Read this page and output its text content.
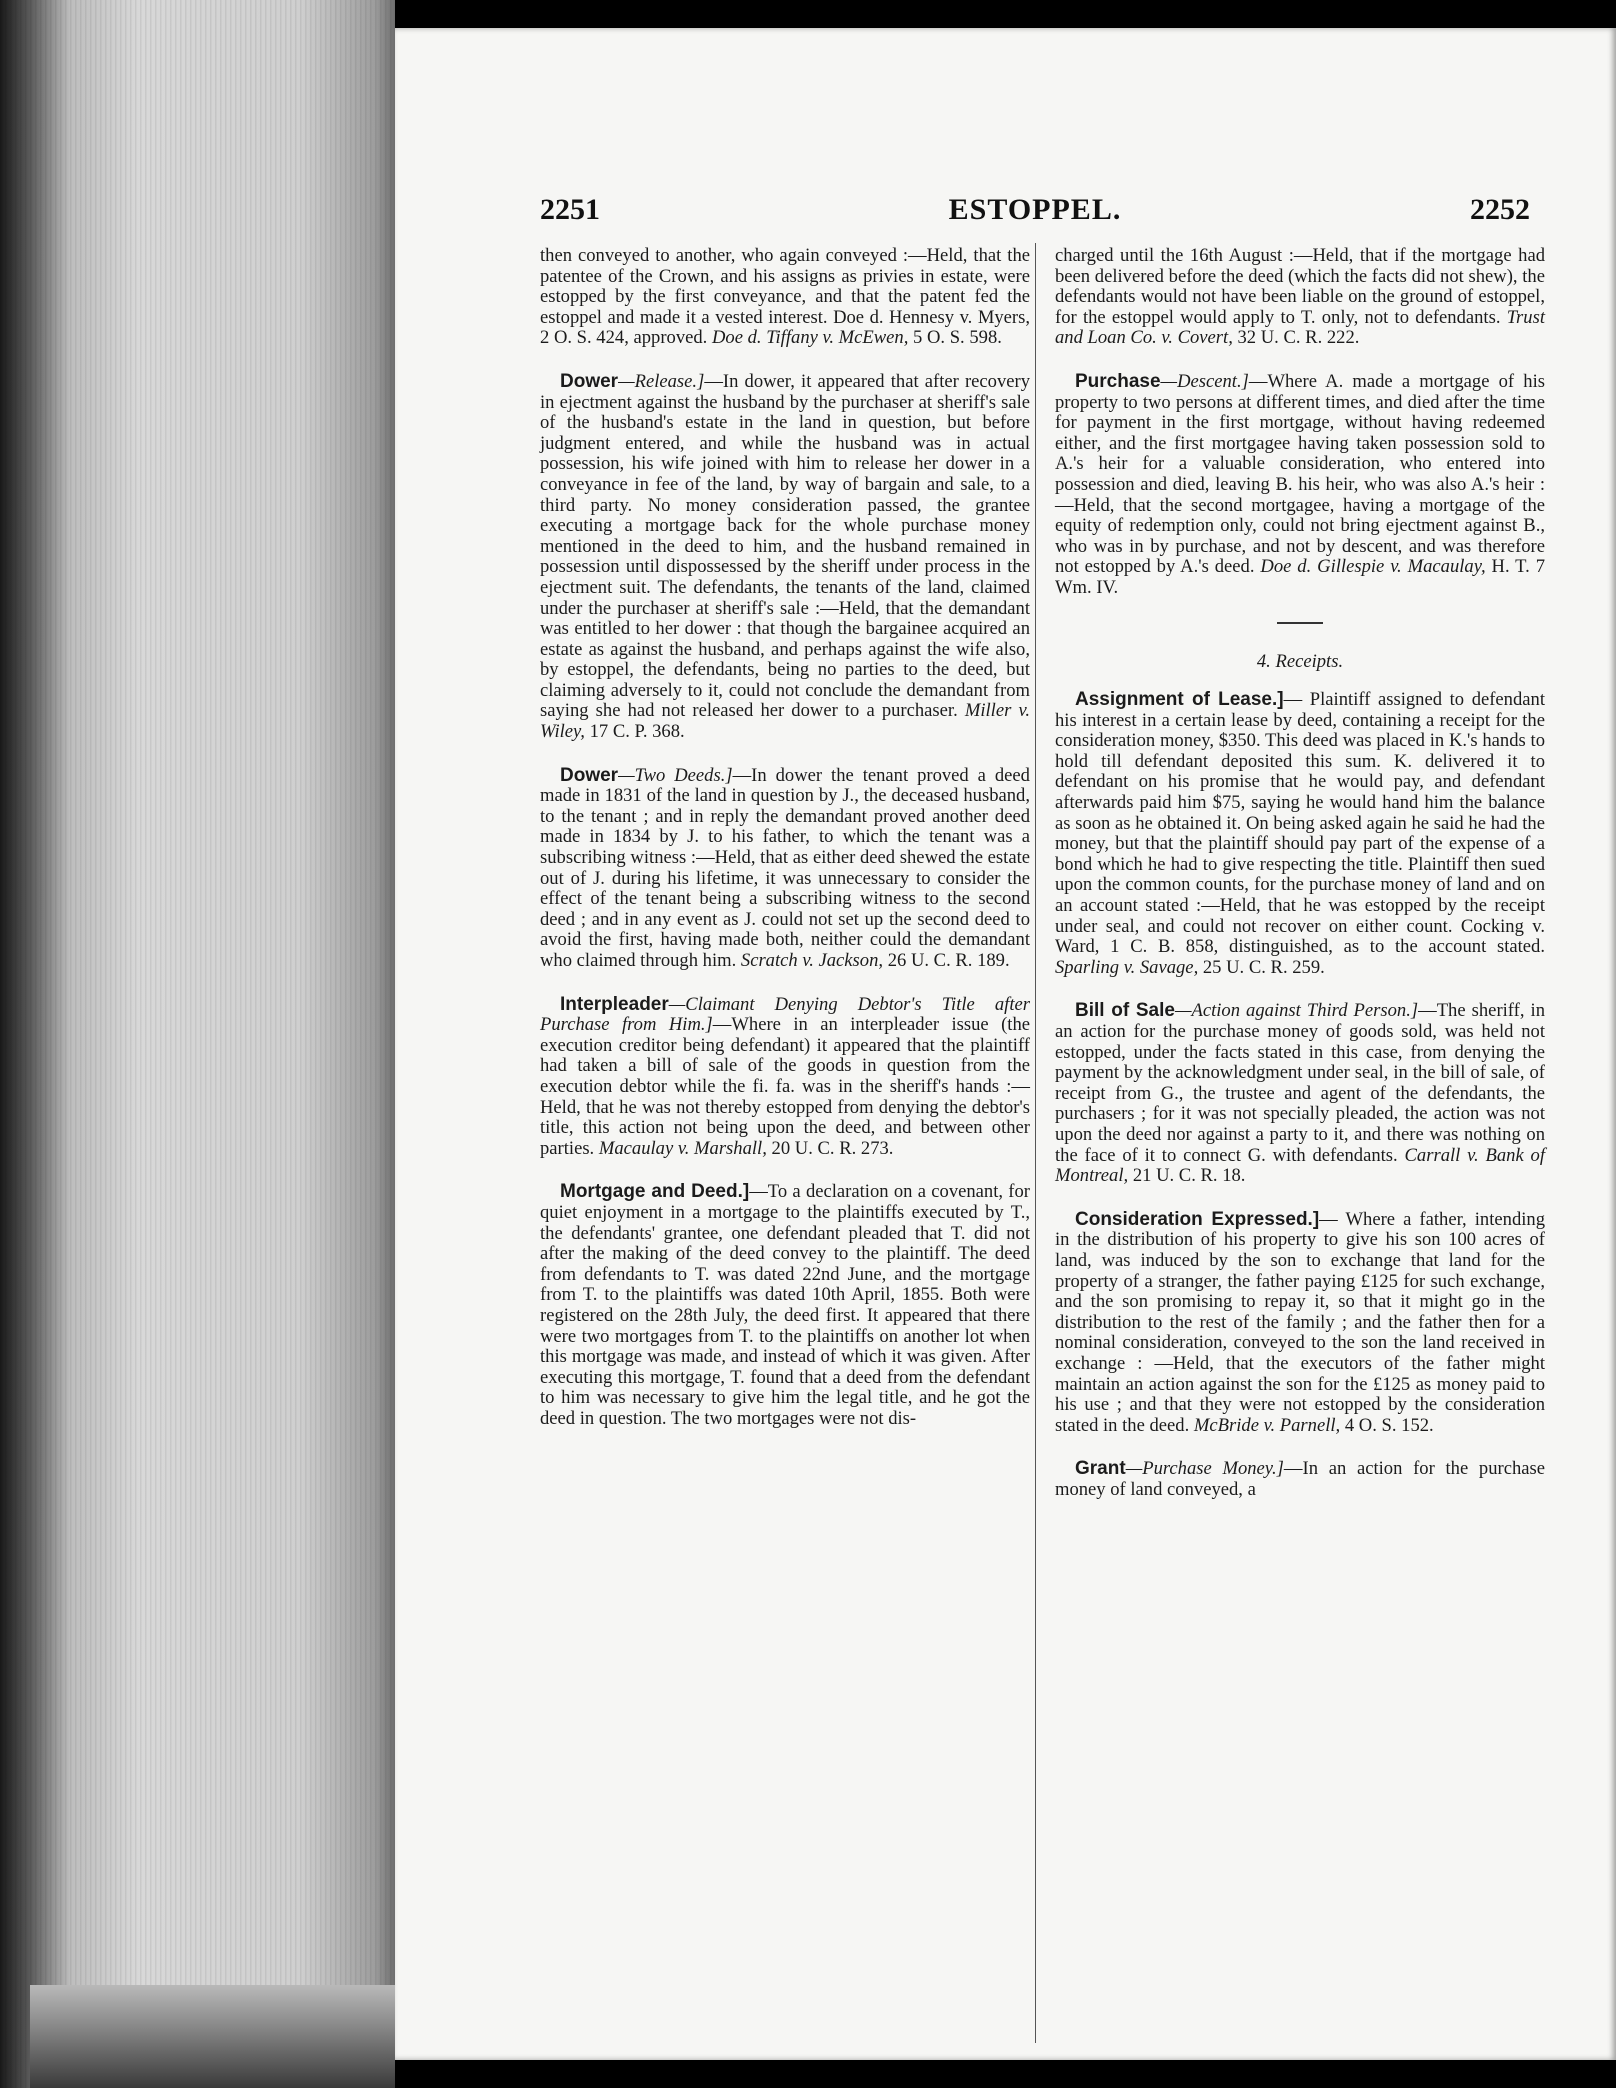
2251	ESTOPPEL.	2252

then conveyed to another, who again conveyed :—Held, that the patentee of the Crown, and his assigns as privies in estate, were estopped by the first conveyance, and that the patent fed the estoppel and made it a vested interest. Doe d. Hennesy v. Myers, 2 O. S. 424, approved. Doe d. Tiffany v. McEwen, 5 O. S. 598.

Dower—Release.]—In dower, it appeared that after recovery in ejectment against the husband by the purchaser at sheriff's sale of the husband's estate in the land in question, but before judgment entered, and while the husband was in actual possession, his wife joined with him to release her dower in a conveyance in fee of the land, by way of bargain and sale, to a third party. No money consideration passed, the grantee executing a mortgage back for the whole purchase money mentioned in the deed to him, and the husband remained in possession until dispossessed by the sheriff under process in the ejectment suit. The defendants, the tenants of the land, claimed under the purchaser at sheriff's sale :—Held, that the demandant was entitled to her dower : that though the bargainee acquired an estate as against the husband, and perhaps against the wife also, by estoppel, the defendants, being no parties to the deed, but claiming adversely to it, could not conclude the demandant from saying she had not released her dower to a purchaser. Miller v. Wiley, 17 C. P. 368.

Dower—Two Deeds.]—In dower the tenant proved a deed made in 1831 of the land in question by J., the deceased husband, to the tenant ; and in reply the demandant proved another deed made in 1834 by J. to his father, to which the tenant was a subscribing witness :—Held, that as either deed shewed the estate out of J. during his lifetime, it was unnecessary to consider the effect of the tenant being a subscribing witness to the second deed ; and in any event as J. could not set up the second deed to avoid the first, having made both, neither could the demandant who claimed through him. Scratch v. Jackson, 26 U. C. R. 189.

Interpleader—Claimant Denying Debtor's Title after Purchase from Him.]—Where in an interpleader issue (the execution creditor being defendant) it appeared that the plaintiff had taken a bill of sale of the goods in question from the execution debtor while the fi. fa. was in the sheriff's hands :—Held, that he was not thereby estopped from denying the debtor's title, this action not being upon the deed, and between other parties. Macaulay v. Marshall, 20 U. C. R. 273.

Mortgage and Deed.]—To a declaration on a covenant, for quiet enjoyment in a mortgage to the plaintiffs executed by T., the defendants' grantee, one defendant pleaded that T. did not after the making of the deed convey to the plaintiff. The deed from defendants to T. was dated 22nd June, and the mortgage from T. to the plaintiffs was dated 10th April, 1855. Both were registered on the 28th July, the deed first. It appeared that there were two mortgages from T. to the plaintiffs on another lot when this mortgage was made, and instead of which it was given. After executing this mortgage, T. found that a deed from the defendant to him was necessary to give him the legal title, and he got the deed in question. The two mortgages were not dis-

charged until the 16th August :—Held, that if the mortgage had been delivered before the deed (which the facts did not shew), the defendants would not have been liable on the ground of estoppel, for the estoppel would apply to T. only, not to defendants. Trust and Loan Co. v. Covert, 32 U. C. R. 222.

Purchase—Descent.]—Where A. made a mortgage of his property to two persons at different times, and died after the time for payment in the first mortgage, without having redeemed either, and the first mortgagee having taken possession sold to A.'s heir for a valuable consideration, who entered into possession and died, leaving B. his heir, who was also A.'s heir :—Held, that the second mortgagee, having a mortgage of the equity of redemption only, could not bring ejectment against B., who was in by purchase, and not by descent, and was therefore not estopped by A.'s deed. Doe d. Gillespie v. Macaulay, H. T. 7 Wm. IV.

4. Receipts.

Assignment of Lease.]— Plaintiff assigned to defendant his interest in a certain lease by deed, containing a receipt for the consideration money, $350. This deed was placed in K.'s hands to hold till defendant deposited this sum. K. delivered it to defendant on his promise that he would pay, and defendant afterwards paid him $75, saying he would hand him the balance as soon as he obtained it. On being asked again he said he had the money, but that the plaintiff should pay part of the expense of a bond which he had to give respecting the title. Plaintiff then sued upon the common counts, for the purchase money of land and on an account stated :—Held, that he was estopped by the receipt under seal, and could not recover on either count. Cocking v. Ward, 1 C. B. 858, distinguished, as to the account stated. Sparling v. Savage, 25 U. C. R. 259.

Bill of Sale—Action against Third Person.]—The sheriff, in an action for the purchase money of goods sold, was held not estopped, under the facts stated in this case, from denying the payment by the acknowledgment under seal, in the bill of sale, of receipt from G., the trustee and agent of the defendants, the purchasers ; for it was not specially pleaded, the action was not upon the deed nor against a party to it, and there was nothing on the face of it to connect G. with defendants. Carrall v. Bank of Montreal, 21 U. C. R. 18.

Consideration Expressed.]— Where a father, intending in the distribution of his property to give his son 100 acres of land, was induced by the son to exchange that land for the property of a stranger, the father paying £125 for such exchange, and the son promising to repay it, so that it might go in the distribution to the rest of the family ; and the father then for a nominal consideration, conveyed to the son the land received in exchange : —Held, that the executors of the father might maintain an action against the son for the £125 as money paid to his use ; and that they were not estopped by the consideration stated in the deed. McBride v. Parnell, 4 O. S. 152.

Grant—Purchase Money.]—In an action for the purchase money of land conveyed, a
